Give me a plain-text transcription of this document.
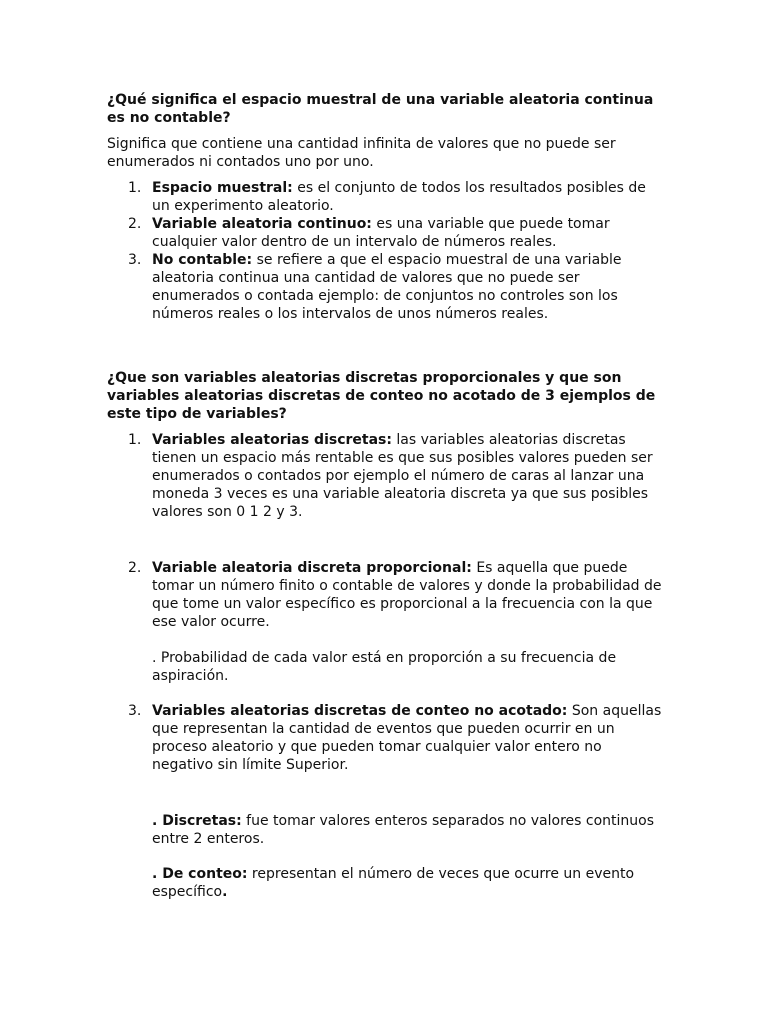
¿Qué significa el espacio muestral de una variable aleatoria continua es no contable?
Significa que contiene una cantidad infinita de valores que no puede ser enumerados ni contados uno por uno.
1. Espacio muestral: es el conjunto de todos los resultados posibles de un experimento aleatorio.
2. Variable aleatoria continuo: es una variable que puede tomar cualquier valor dentro de un intervalo de números reales.
3. No contable: se refiere a que el espacio muestral de una variable aleatoria continua una cantidad de valores que no puede ser enumerados o contada ejemplo: de conjuntos no controles son los números reales o los intervalos de unos números reales.
¿Que son variables aleatorias discretas proporcionales y que son variables aleatorias discretas de conteo no acotado de 3 ejemplos de este tipo de variables?
1. Variables aleatorias discretas: las variables aleatorias discretas tienen un espacio más rentable es que sus posibles valores pueden ser enumerados o contados por ejemplo el número de caras al lanzar una moneda 3 veces es una variable aleatoria discreta ya que sus posibles valores son 0 1 2 y 3.
2. Variable aleatoria discreta proporcional: Es aquella que puede tomar un número finito o contable de valores y donde la probabilidad de que tome un valor específico es proporcional a la frecuencia con la que ese valor ocurre.
. Probabilidad de cada valor está en proporción a su frecuencia de aspiración.
3. Variables aleatorias discretas de conteo no acotado: Son aquellas que representan la cantidad de eventos que pueden ocurrir en un proceso aleatorio y que pueden tomar cualquier valor entero no negativo sin límite Superior.
. Discretas: fue tomar valores enteros separados no valores continuos entre 2 enteros.
. De conteo: representan el número de veces que ocurre un evento específico.
